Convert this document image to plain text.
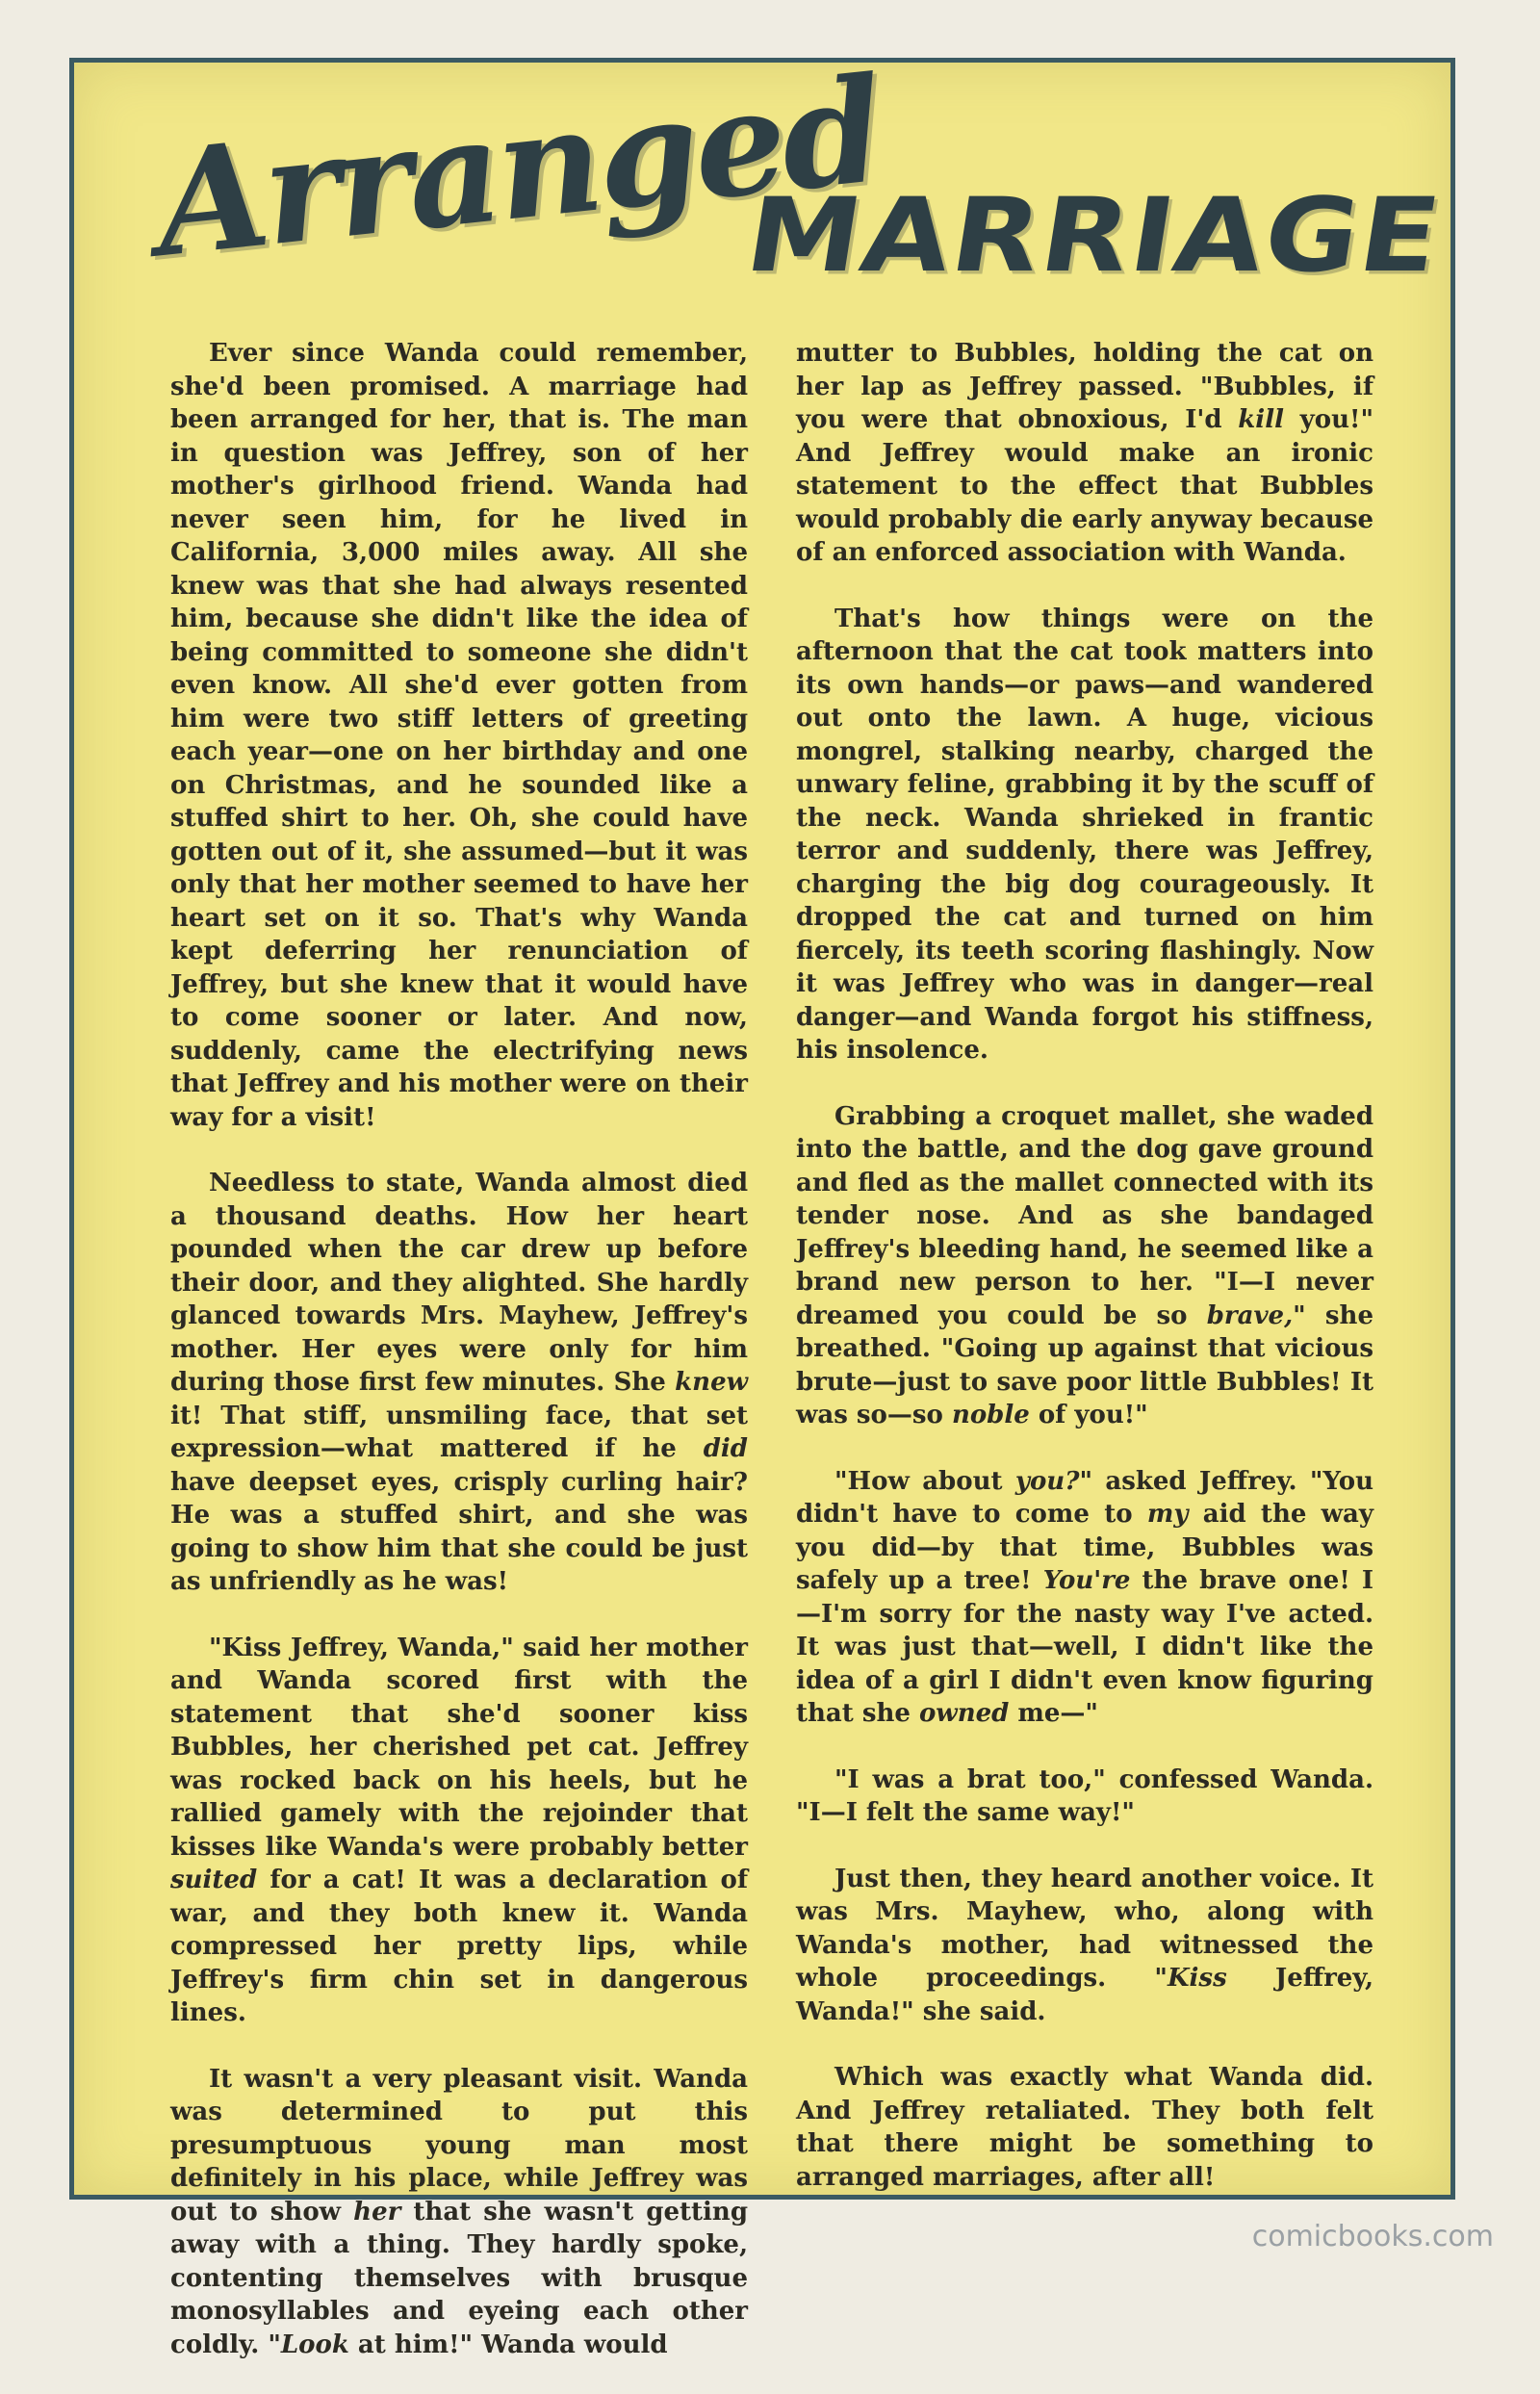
Arranged
MARRIAGE

Ever since Wanda could remember, she'd been promised. A marriage had been arranged for her, that is. The man in question was Jeffrey, son of her mother's girlhood friend. Wanda had never seen him, for he lived in California, 3,000 miles away. All she knew was that she had always resented him, because she didn't like the idea of being committed to someone she didn't even know. All she'd ever gotten from him were two stiff letters of greeting each year—one on her birthday and one on Christmas, and he sounded like a stuffed shirt to her. Oh, she could have gotten out of it, she assumed—but it was only that her mother seemed to have her heart set on it so. That's why Wanda kept deferring her renunciation of Jeffrey, but she knew that it would have to come sooner or later. And now, suddenly, came the electrifying news that Jeffrey and his mother were on their way for a visit!

Needless to state, Wanda almost died a thousand deaths. How her heart pounded when the car drew up before their door, and they alighted. She hardly glanced towards Mrs. Mayhew, Jeffrey's mother. Her eyes were only for him during those first few minutes. She knew it! That stiff, unsmiling face, that set expression—what mattered if he did have deepset eyes, crisply curling hair? He was a stuffed shirt, and she was going to show him that she could be just as unfriendly as he was!

"Kiss Jeffrey, Wanda," said her mother and Wanda scored first with the statement that she'd sooner kiss Bubbles, her cherished pet cat. Jeffrey was rocked back on his heels, but he rallied gamely with the rejoinder that kisses like Wanda's were probably better suited for a cat! It was a declaration of war, and they both knew it. Wanda compressed her pretty lips, while Jeffrey's firm chin set in dangerous lines.

It wasn't a very pleasant visit. Wanda was determined to put this presumptuous young man most definitely in his place, while Jeffrey was out to show her that she wasn't getting away with a thing. They hardly spoke, contenting themselves with brusque monosyllables and eyeing each other coldly. "Look at him!" Wanda would

mutter to Bubbles, holding the cat on her lap as Jeffrey passed. "Bubbles, if you were that obnoxious, I'd kill you!" And Jeffrey would make an ironic statement to the effect that Bubbles would probably die early anyway because of an enforced association with Wanda.

That's how things were on the afternoon that the cat took matters into its own hands—or paws—and wandered out onto the lawn. A huge, vicious mongrel, stalking nearby, charged the unwary feline, grabbing it by the scuff of the neck. Wanda shrieked in frantic terror and suddenly, there was Jeffrey, charging the big dog courageously. It dropped the cat and turned on him fiercely, its teeth scoring flashingly. Now it was Jeffrey who was in danger—real danger—and Wanda forgot his stiffness, his insolence.

Grabbing a croquet mallet, she waded into the battle, and the dog gave ground and fled as the mallet connected with its tender nose. And as she bandaged Jeffrey's bleeding hand, he seemed like a brand new person to her. "I—I never dreamed you could be so brave," she breathed. "Going up against that vicious brute—just to save poor little Bubbles! It was so—so noble of you!"

"How about you?" asked Jeffrey. "You didn't have to come to my aid the way you did—by that time, Bubbles was safely up a tree! You're the brave one! I—I'm sorry for the nasty way I've acted. It was just that—well, I didn't like the idea of a girl I didn't even know figuring that she owned me—"

"I was a brat too," confessed Wanda. "I—I felt the same way!"

Just then, they heard another voice. It was Mrs. Mayhew, who, along with Wanda's mother, had witnessed the whole proceedings. "Kiss Jeffrey, Wanda!" she said.

Which was exactly what Wanda did. And Jeffrey retaliated. They both felt that there might be something to arranged marriages, after all!

comicbooks.com
